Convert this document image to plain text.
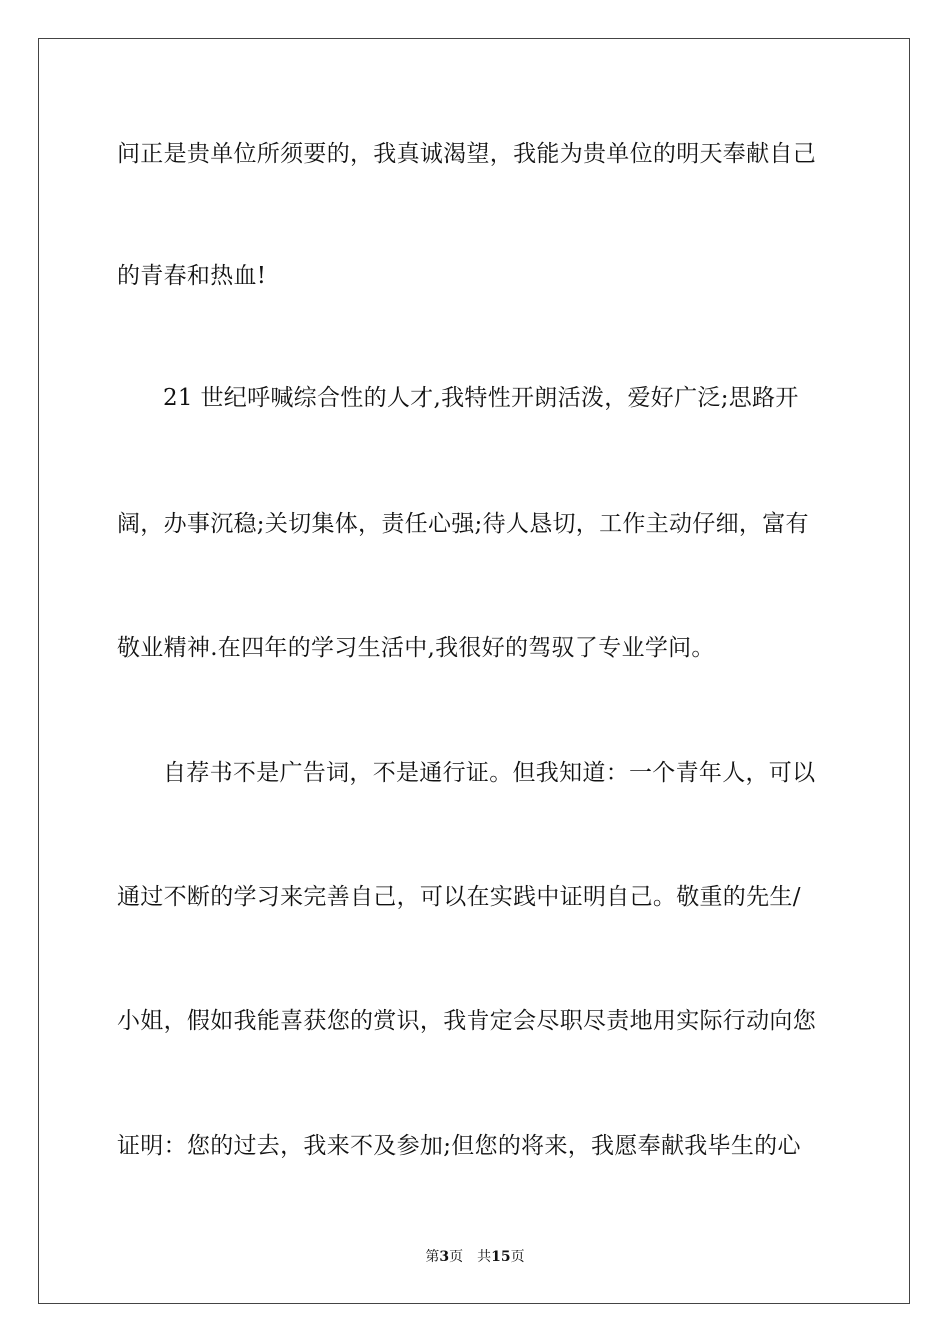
问正是贵单位所须要的，我真诚渴望，我能为贵单位的明天奉献自己
的青春和热血!
21 世纪呼喊综合性的人才,我特性开朗活泼，爱好广泛;思路开
阔，办事沉稳;关切集体，责任心强;待人恳切，工作主动仔细，富有
敬业精神.在四年的学习生活中,我很好的驾驭了专业学问。
自荐书不是广告词，不是通行证。但我知道：一个青年人，可以
通过不断的学习来完善自己，可以在实践中证明自己。敬重的先生/
小姐，假如我能喜获您的赏识，我肯定会尽职尽责地用实际行动向您
证明：您的过去，我来不及参加;但您的将来，我愿奉献我毕生的心
第3页 共15页
